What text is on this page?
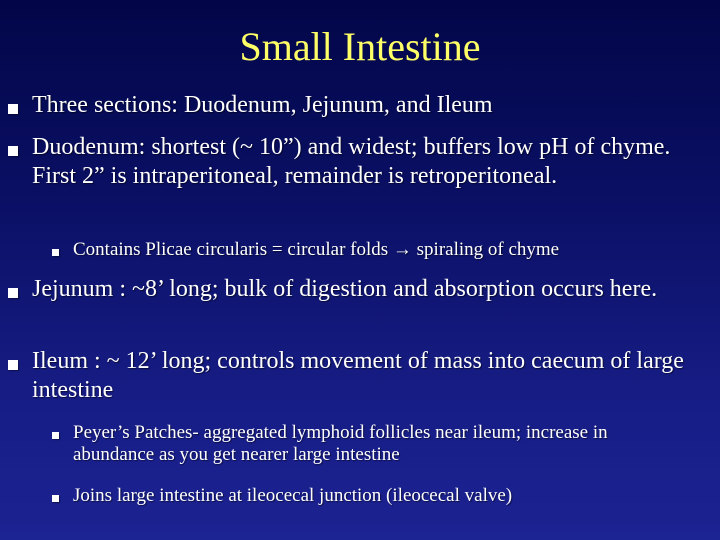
Small Intestine
Three sections: Duodenum, Jejunum, and Ileum
Duodenum: shortest (~ 10”) and widest; buffers low pH of chyme. First 2” is intraperitoneal, remainder is retroperitoneal.
Contains Plicae circularis = circular folds → spiraling of chyme
Jejunum : ~8’ long; bulk of digestion and absorption occurs here.
Ileum : ~ 12’ long; controls movement of mass into caecum of large intestine
Peyer’s Patches- aggregated lymphoid follicles near ileum; increase in abundance as you get nearer large intestine
Joins large intestine at ileocecal junction (ileocecal valve)
